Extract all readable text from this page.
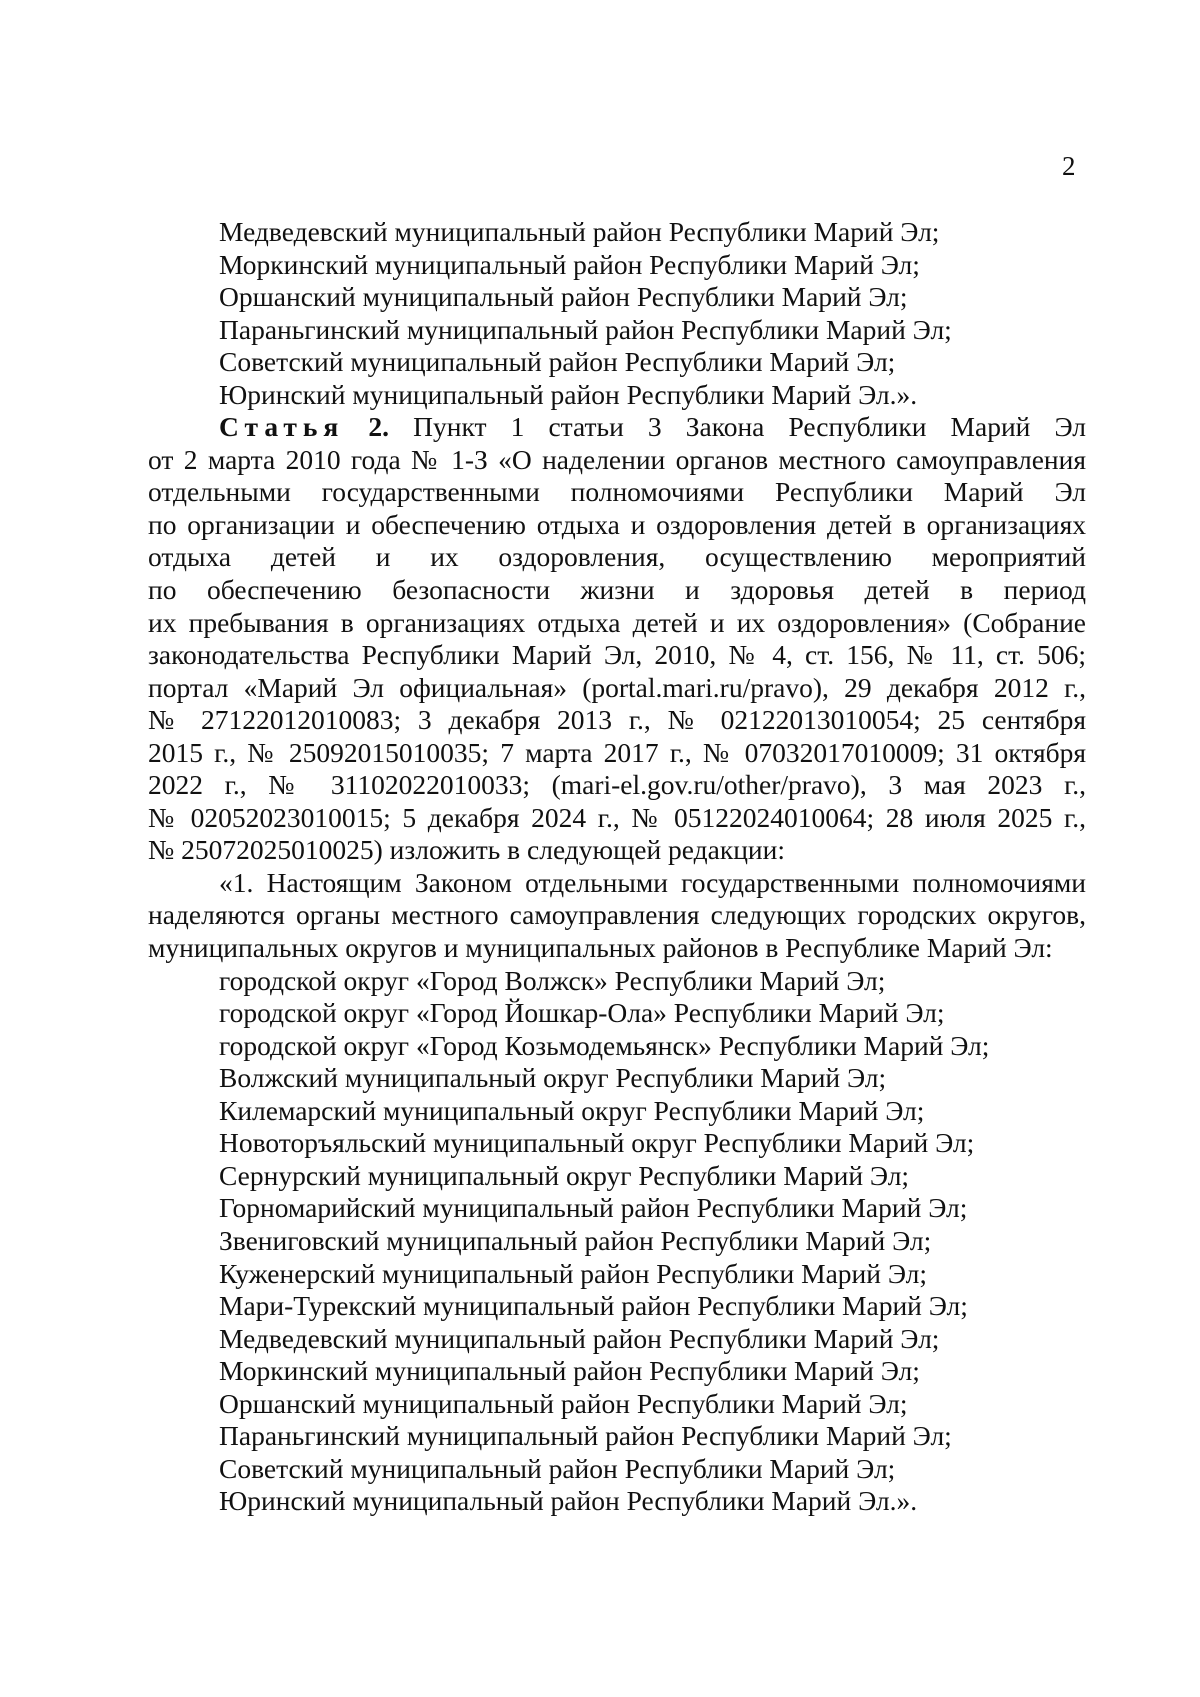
2
Медведевский муниципальный район Республики Марий Эл;
Моркинский муниципальный район Республики Марий Эл;
Оршанский муниципальный район Республики Марий Эл;
Параньгинский муниципальный район Республики Марий Эл;
Советский муниципальный район Республики Марий Эл;
Юринский муниципальный район Республики Марий Эл.».
Статья 2. Пункт 1 статьи 3 Закона Республики Марий Эл
от 2 марта 2010 года № 1-З «О наделении органов местного самоуправления
отдельными государственными полномочиями Республики Марий Эл
по организации и обеспечению отдыха и оздоровления детей в организациях
отдыха детей и их оздоровления, осуществлению мероприятий
по обеспечению безопасности жизни и здоровья детей в период
их пребывания в организациях отдыха детей и их оздоровления» (Собрание
законодательства Республики Марий Эл, 2010, № 4, ст. 156, № 11, ст. 506;
портал «Марий Эл официальная» (portal.mari.ru/pravo), 29 декабря 2012 г.,
№ 27122012010083; 3 декабря 2013 г., № 02122013010054; 25 сентября
2015 г., № 25092015010035; 7 марта 2017 г., № 07032017010009; 31 октября
2022 г., № 31102022010033; (mari-el.gov.ru/other/pravo), 3 мая 2023 г.,
№ 02052023010015; 5 декабря 2024 г., № 05122024010064; 28 июля 2025 г.,
№ 25072025010025) изложить в следующей редакции:
«1. Настоящим Законом отдельными государственными полномочиями
наделяются органы местного самоуправления следующих городских округов,
муниципальных округов и муниципальных районов в Республике Марий Эл:
городской округ «Город Волжск» Республики Марий Эл;
городской округ «Город Йошкар-Ола» Республики Марий Эл;
городской округ «Город Козьмодемьянск» Республики Марий Эл;
Волжский муниципальный округ Республики Марий Эл;
Килемарский муниципальный округ Республики Марий Эл;
Новоторъяльский муниципальный округ Республики Марий Эл;
Сернурский муниципальный округ Республики Марий Эл;
Горномарийский муниципальный район Республики Марий Эл;
Звениговский муниципальный район Республики Марий Эл;
Куженерский муниципальный район Республики Марий Эл;
Мари-Турекский муниципальный район Республики Марий Эл;
Медведевский муниципальный район Республики Марий Эл;
Моркинский муниципальный район Республики Марий Эл;
Оршанский муниципальный район Республики Марий Эл;
Параньгинский муниципальный район Республики Марий Эл;
Советский муниципальный район Республики Марий Эл;
Юринский муниципальный район Республики Марий Эл.».
